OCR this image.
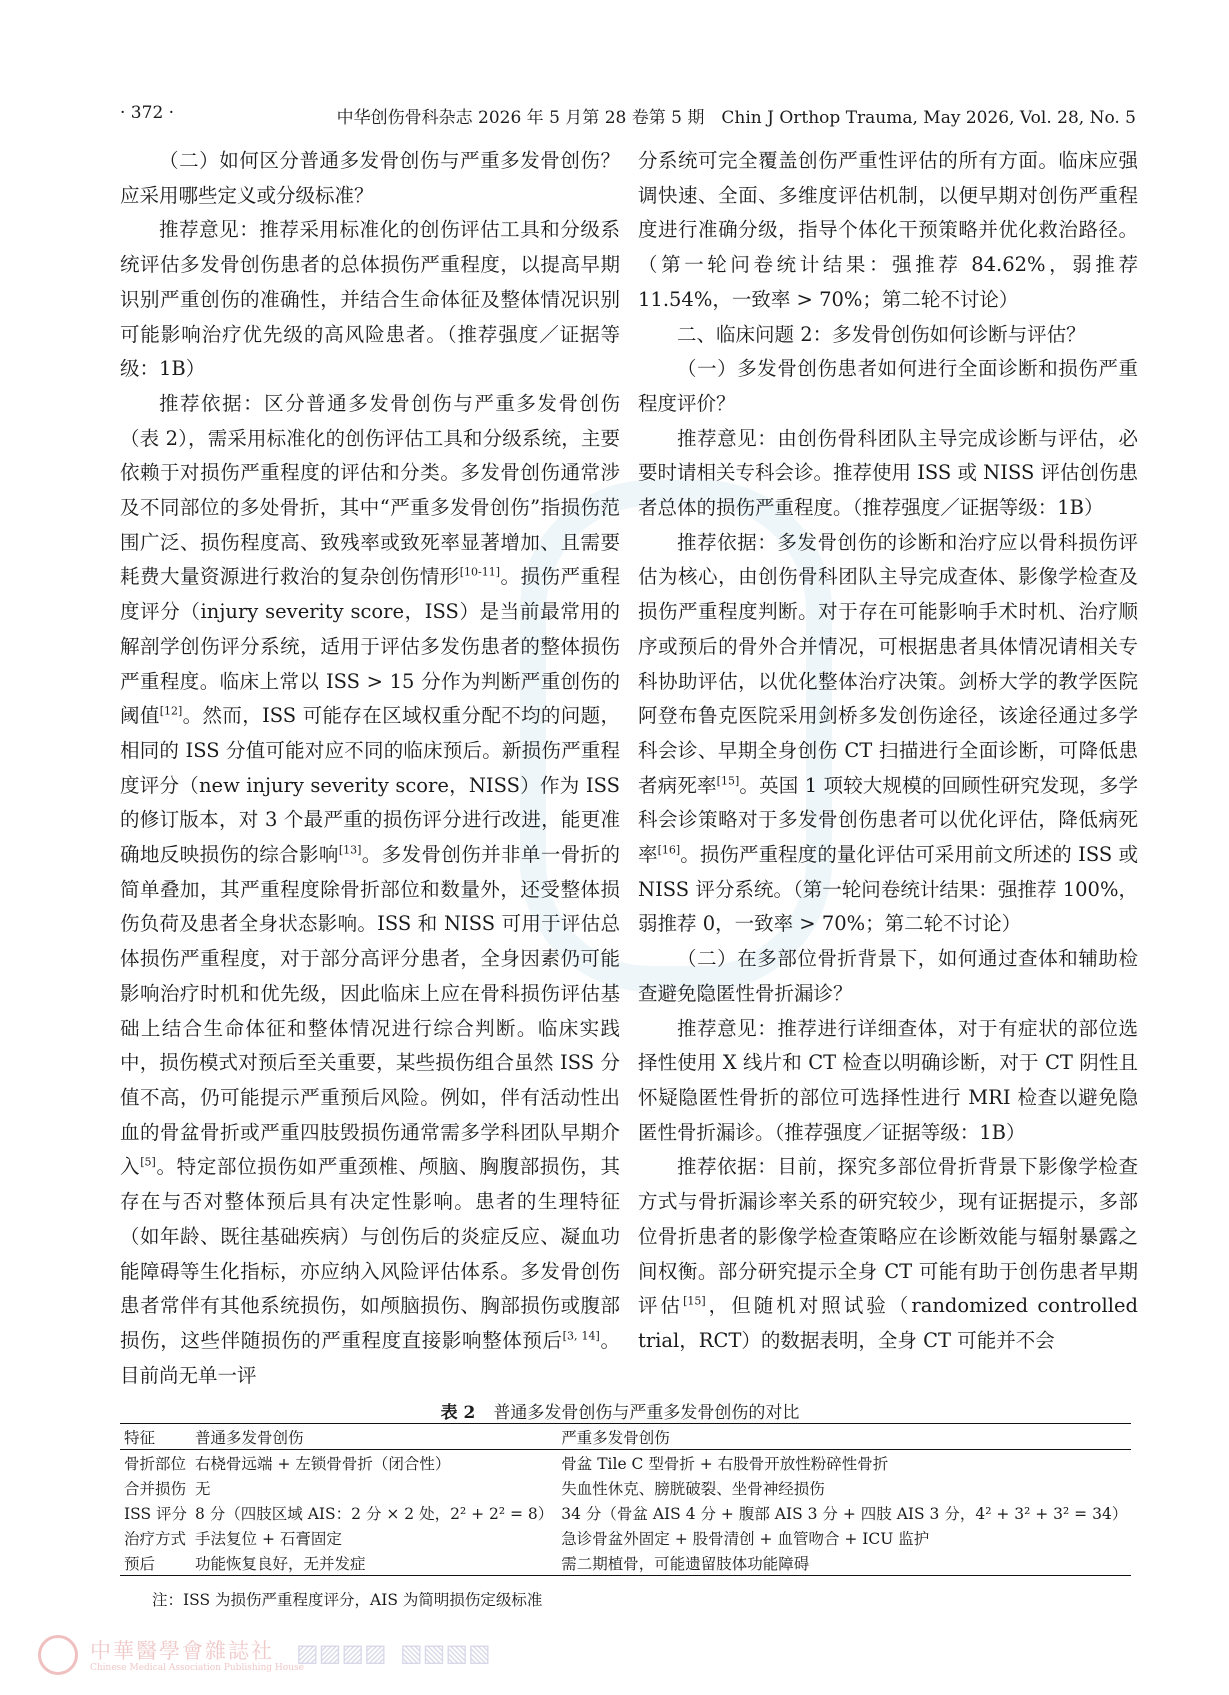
· 372 ·	中华创伤骨科杂志 2026 年 5 月第 28 卷第 5 期　Chin J Orthop Trauma, May 2026, Vol. 28, No. 5

（二）如何区分普通多发骨创伤与严重多发骨创伤？应采用哪些定义或分级标准？

推荐意见：推荐采用标准化的创伤评估工具和分级系统评估多发骨创伤患者的总体损伤严重程度，以提高早期识别严重创伤的准确性，并结合生命体征及整体情况识别可能影响治疗优先级的高风险患者。（推荐强度／证据等级：1B）

推荐依据：区分普通多发骨创伤与严重多发骨创伤（表 2），需采用标准化的创伤评估工具和分级系统，主要依赖于对损伤严重程度的评估和分类。多发骨创伤通常涉及不同部位的多处骨折，其中“严重多发骨创伤”指损伤范围广泛、损伤程度高、致残率或致死率显著增加、且需要耗费大量资源进行救治的复杂创伤情形[10-11]。损伤严重程度评分（injury severity score，ISS）是当前最常用的解剖学创伤评分系统，适用于评估多发伤患者的整体损伤严重程度。临床上常以 ISS > 15 分作为判断严重创伤的阈值[12]。然而，ISS 可能存在区域权重分配不均的问题，相同的 ISS 分值可能对应不同的临床预后。新损伤严重程度评分（new injury severity score，NISS）作为 ISS 的修订版本，对 3 个最严重的损伤评分进行改进，能更准确地反映损伤的综合影响[13]。多发骨创伤并非单一骨折的简单叠加，其严重程度除骨折部位和数量外，还受整体损伤负荷及患者全身状态影响。ISS 和 NISS 可用于评估总体损伤严重程度，对于部分高评分患者，全身因素仍可能影响治疗时机和优先级，因此临床上应在骨科损伤评估基础上结合生命体征和整体情况进行综合判断。临床实践中，损伤模式对预后至关重要，某些损伤组合虽然 ISS 分值不高，仍可能提示严重预后风险。例如，伴有活动性出血的骨盆骨折或严重四肢毁损伤通常需多学科团队早期介入[5]。特定部位损伤如严重颈椎、颅脑、胸腹部损伤，其存在与否对整体预后具有决定性影响。患者的生理特征（如年龄、既往基础疾病）与创伤后的炎症反应、凝血功能障碍等生化指标，亦应纳入风险评估体系。多发骨创伤患者常伴有其他系统损伤，如颅脑损伤、胸部损伤或腹部损伤，这些伴随损伤的严重程度直接影响整体预后[3, 14]。目前尚无单一评

分系统可完全覆盖创伤严重性评估的所有方面。临床应强调快速、全面、多维度评估机制，以便早期对创伤严重程度进行准确分级，指导个体化干预策略并优化救治路径。（第一轮问卷统计结果：强推荐 84.62%，弱推荐 11.54%，一致率 > 70%；第二轮不讨论）

二、临床问题 2：多发骨创伤如何诊断与评估？

（一）多发骨创伤患者如何进行全面诊断和损伤严重程度评价？

推荐意见：由创伤骨科团队主导完成诊断与评估，必要时请相关专科会诊。推荐使用 ISS 或 NISS 评估创伤患者总体的损伤严重程度。（推荐强度／证据等级：1B）

推荐依据：多发骨创伤的诊断和治疗应以骨科损伤评估为核心，由创伤骨科团队主导完成查体、影像学检查及损伤严重程度判断。对于存在可能影响手术时机、治疗顺序或预后的骨外合并情况，可根据患者具体情况请相关专科协助评估，以优化整体治疗决策。剑桥大学的教学医院阿登布鲁克医院采用剑桥多发创伤途径，该途径通过多学科会诊、早期全身创伤 CT 扫描进行全面诊断，可降低患者病死率[15]。英国 1 项较大规模的回顾性研究发现，多学科会诊策略对于多发骨创伤患者可以优化评估，降低病死率[16]。损伤严重程度的量化评估可采用前文所述的 ISS 或 NISS 评分系统。（第一轮问卷统计结果：强推荐 100%，弱推荐 0，一致率 > 70%；第二轮不讨论）

（二）在多部位骨折背景下，如何通过查体和辅助检查避免隐匿性骨折漏诊？

推荐意见：推荐进行详细查体，对于有症状的部位选择性使用 X 线片和 CT 检查以明确诊断，对于 CT 阴性且怀疑隐匿性骨折的部位可选择性进行 MRI 检查以避免隐匿性骨折漏诊。（推荐强度／证据等级：1B）

推荐依据：目前，探究多部位骨折背景下影像学检查方式与骨折漏诊率关系的研究较少，现有证据提示，多部位骨折患者的影像学检查策略应在诊断效能与辐射暴露之间权衡。部分研究提示全身 CT 可能有助于创伤患者早期评估[15]，但随机对照试验（randomized controlled trial，RCT）的数据表明，全身 CT 可能并不会

表 2 普通多发骨创伤与严重多发骨创伤的对比
特征	普通多发骨创伤	严重多发骨创伤
骨折部位	右桡骨远端 + 左锁骨骨折（闭合性）	骨盆 Tile C 型骨折 + 右股骨开放性粉碎性骨折
合并损伤	无	失血性休克、膀胱破裂、坐骨神经损伤
ISS 评分	8 分（四肢区域 AIS：2 分 × 2 处，2² + 2² = 8）	34 分（骨盆 AIS 4 分 + 腹部 AIS 3 分 + 四肢 AIS 3 分，4² + 3² + 3² = 34）
治疗方式	手法复位 + 石膏固定	急诊骨盆外固定 + 股骨清创 + 血管吻合 + ICU 监护
预后	功能恢复良好，无并发症	需二期植骨，可能遗留肢体功能障碍
注：ISS 为损伤严重程度评分，AIS 为简明损伤定级标准
中華醫學會雜誌社
Chinese Medical Association Publishing House
▨▨▨▨ ▧▧▧▧
